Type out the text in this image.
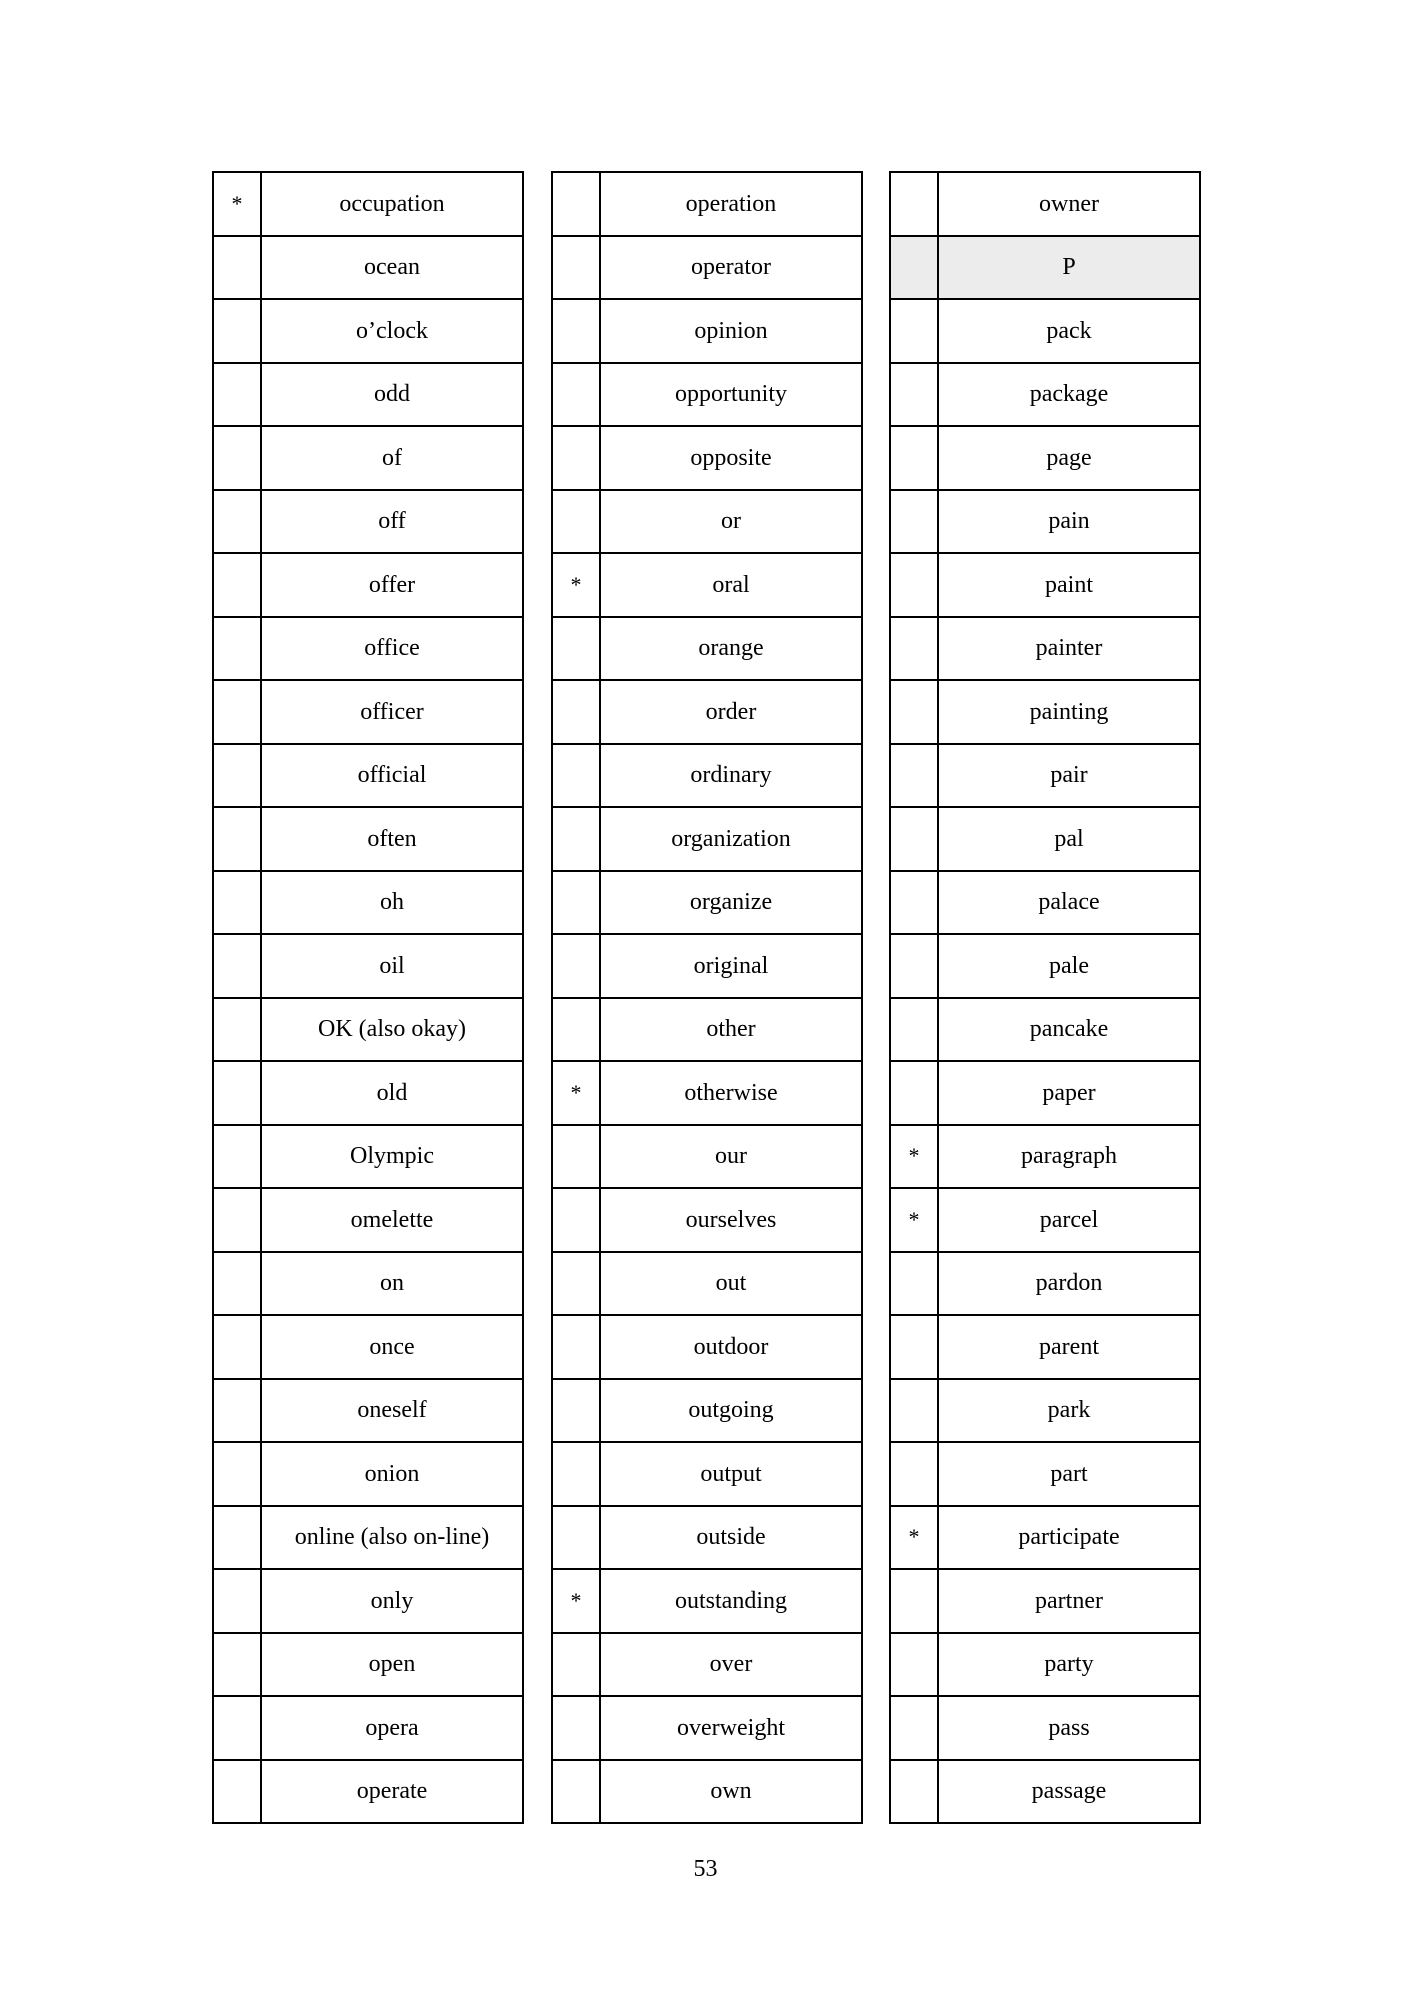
*	occupation
	ocean
	o’clock
	odd
	of
	off
	offer
	office
	officer
	official
	often
	oh
	oil
	OK (also okay)
	old
	Olympic
	omelette
	on
	once
	oneself
	onion
	online (also on-line)
	only
	open
	opera
	operate
	operation
	operator
	opinion
	opportunity
	opposite
	or
*	oral
	orange
	order
	ordinary
	organization
	organize
	original
	other
*	otherwise
	our
	ourselves
	out
	outdoor
	outgoing
	output
	outside
*	outstanding
	over
	overweight
	own
	owner
	P
	pack
	package
	page
	pain
	paint
	painter
	painting
	pair
	pal
	palace
	pale
	pancake
	paper
*	paragraph
*	parcel
	pardon
	parent
	park
	part
*	participate
	partner
	party
	pass
	passage
53
